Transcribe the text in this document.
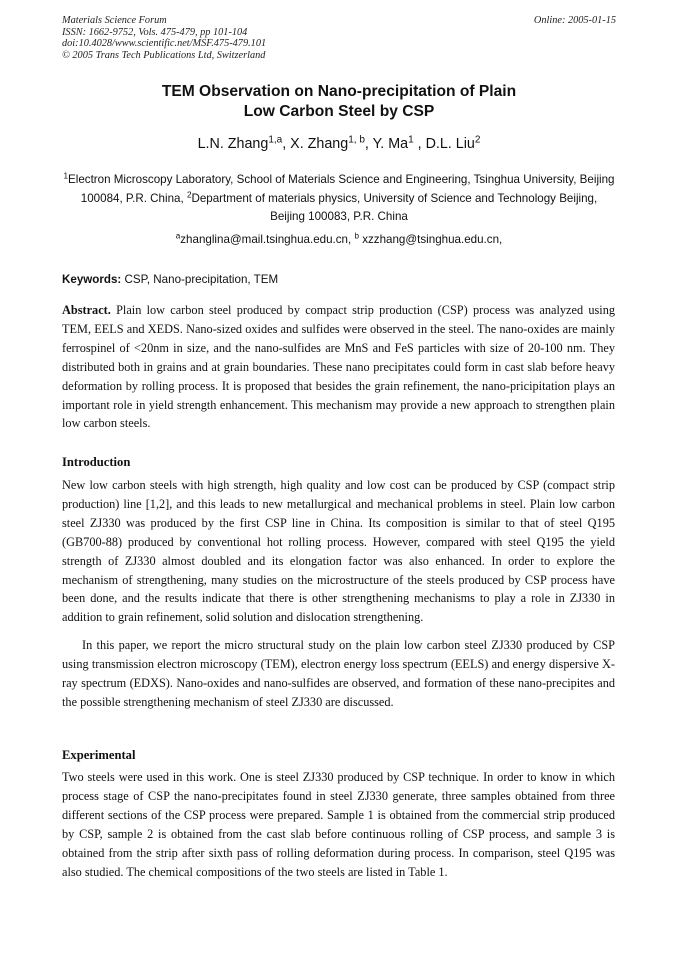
Materials Science Forum
ISSN: 1662-9752, Vols. 475-479, pp 101-104
doi:10.4028/www.scientific.net/MSF.475-479.101
© 2005 Trans Tech Publications Ltd, Switzerland
Online: 2005-01-15
TEM Observation on Nano-precipitation of Plain
Low Carbon Steel by CSP
L.N. Zhang$^{1,a}$, X. Zhang$^{1, b}$, Y. Ma$^1$ , D.L. Liu$^2$
$^1$Electron Microscopy Laboratory, School of Materials Science and Engineering, Tsinghua University, Beijing 100084, P.R. China, $^2$Department of materials physics, University of Science and Technology Beijing, Beijing 100083, P.R. China
$^a$zhanglina@mail.tsinghua.edu.cn, $^b$ xzzhang@tsinghua.edu.cn,
Keywords: CSP, Nano-precipitation, TEM
Abstract. Plain low carbon steel produced by compact strip production (CSP) process was analyzed using TEM, EELS and XEDS. Nano-sized oxides and sulfides were observed in the steel. The nano-oxides are mainly ferrospinel of <20nm in size, and the nano-sulfides are MnS and FeS particles with size of 20-100 nm. They distributed both in grains and at grain boundaries. These nano precipitates could form in cast slab before heavy deformation by rolling process. It is proposed that besides the grain refinement, the nano-pricipitation plays an important role in yield strength enhancement. This mechanism may provide a new approach to strengthen plain low carbon steels.
Introduction
New low carbon steels with high strength, high quality and low cost can be produced by CSP (compact strip production) line [1,2], and this leads to new metallurgical and mechanical problems in steel. Plain low carbon steel ZJ330 was produced by the first CSP line in China. Its composition is similar to that of steel Q195 (GB700-88) produced by conventional hot rolling process. However, compared with steel Q195 the yield strength of ZJ330 almost doubled and its elongation factor was also enhanced. In order to explore the mechanism of strengthening, many studies on the microstructure of the steels produced by CSP process have been done, and the results indicate that there is other strengthening mechanisms to play a role in ZJ330 in addition to grain refinement, solid solution and dislocation strengthening.
In this paper, we report the micro structural study on the plain low carbon steel ZJ330 produced by CSP using transmission electron microscopy (TEM), electron energy loss spectrum (EELS) and energy dispersive X-ray spectrum (EDXS). Nano-oxides and nano-sulfides are observed, and formation of these nano-precipites and the possible strengthening mechanism of steel ZJ330 are discussed.
Experimental
Two steels were used in this work. One is steel ZJ330 produced by CSP technique. In order to know in which process stage of CSP the nano-precipitates found in steel ZJ330 generate, three samples obtained from three different sections of the CSP process were prepared. Sample 1 is obtained from the commercial strip produced by CSP, sample 2 is obtained from the cast slab before continuous rolling of CSP process, and sample 3 is obtained from the strip after sixth pass of rolling deformation during process. In comparison, steel Q195 was also studied. The chemical compositions of the two steels are listed in Table 1.
